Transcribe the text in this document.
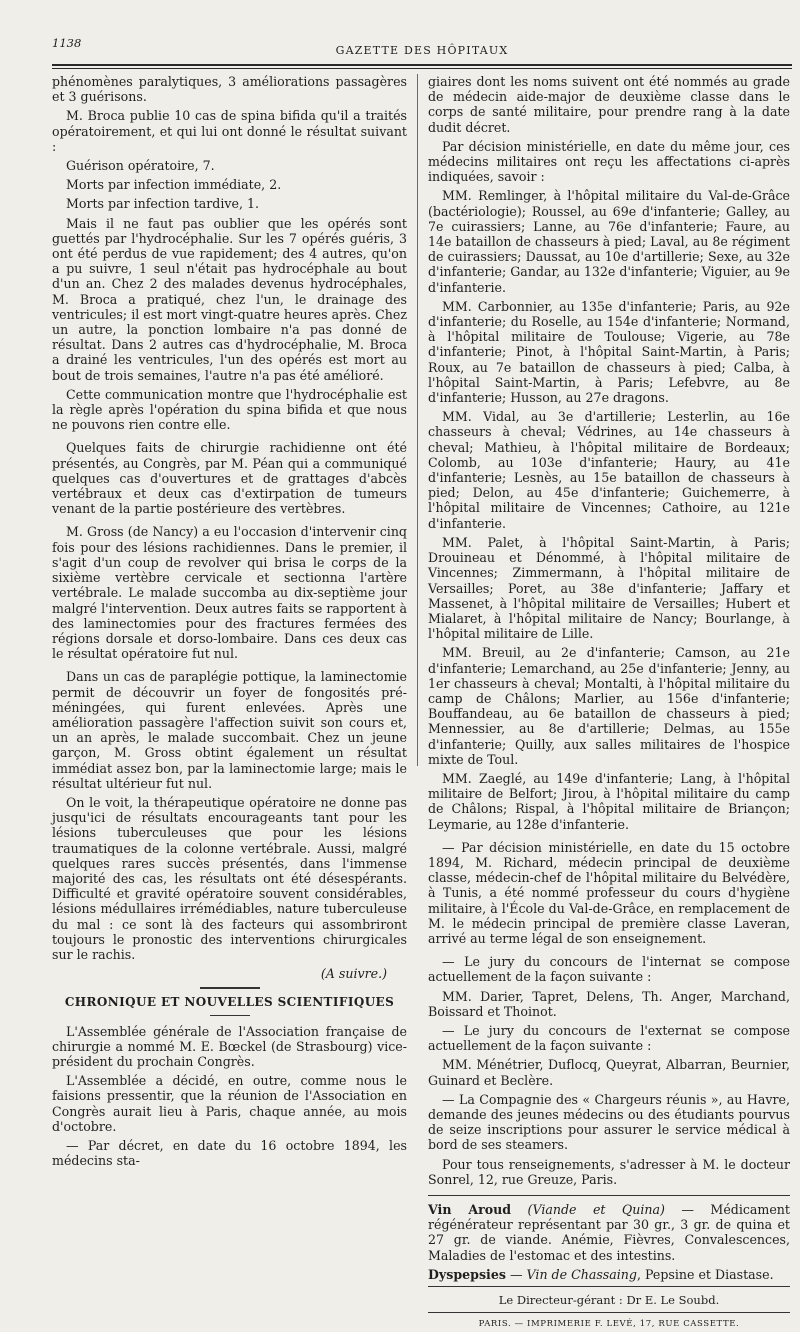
1138
GAZETTE DES HÔPITAUX

phénomènes paralytiques, 3 améliorations passagères et 3 guérisons.

M. Broca publie 10 cas de spina bifida qu'il a traités opératoirement, et qui lui ont donné le résultat suivant :

Guérison opératoire, 7.

Morts par infection immédiate, 2.

Morts par infection tardive, 1.

Mais il ne faut pas oublier que les opérés sont guettés par l'hydrocéphalie. Sur les 7 opérés guéris, 3 ont été perdus de vue rapidement; des 4 autres, qu'on a pu suivre, 1 seul n'était pas hydrocéphale au bout d'un an. Chez 2 des malades devenus hydrocéphales, M. Broca a pratiqué, chez l'un, le drainage des ventricules; il est mort vingt-quatre heures après. Chez un autre, la ponction lombaire n'a pas donné de résultat. Dans 2 autres cas d'hydrocéphalie, M. Broca a drainé les ventricules, l'un des opérés est mort au bout de trois semaines, l'autre n'a pas été amélioré.

Cette communication montre que l'hydrocéphalie est la règle après l'opération du spina bifida et que nous ne pouvons rien contre elle.

Quelques faits de chirurgie rachidienne ont été présentés, au Congrès, par M. Péan qui a communiqué quelques cas d'ouvertures et de grattages d'abcès vertébraux et deux cas d'extirpation de tumeurs venant de la partie postérieure des vertèbres.

M. Gross (de Nancy) a eu l'occasion d'intervenir cinq fois pour des lésions rachidiennes. Dans le premier, il s'agit d'un coup de revolver qui brisa le corps de la sixième vertèbre cervicale et sectionna l'artère vertébrale. Le malade succomba au dix-septième jour malgré l'intervention. Deux autres faits se rapportent à des laminectomies pour des fractures fermées des régions dorsale et dorso-lombaire. Dans ces deux cas le résultat opératoire fut nul.

Dans un cas de paraplégie pottique, la laminectomie permit de découvrir un foyer de fongosités pré-méningées, qui furent enlevées. Après une amélioration passagère l'affection suivit son cours et, un an après, le malade succombait. Chez un jeune garçon, M. Gross obtint également un résultat immédiat assez bon, par la laminectomie large; mais le résultat ultérieur fut nul.

On le voit, la thérapeutique opératoire ne donne pas jusqu'ici de résultats encourageants tant pour les lésions tuberculeuses que pour les lésions traumatiques de la colonne vertébrale. Aussi, malgré quelques rares succès présentés, dans l'immense majorité des cas, les résultats ont été désespérants. Difficulté et gravité opératoire souvent considérables, lésions médullaires irrémédiables, nature tuberculeuse du mal : ce sont là des facteurs qui assombriront toujours le pronostic des interventions chirurgicales sur le rachis.

(A suivre.)

CHRONIQUE ET NOUVELLES SCIENTIFIQUES

L'Assemblée générale de l'Association française de chirurgie a nommé M. E. Bœckel (de Strasbourg) vice-président du prochain Congrès.

L'Assemblée a décidé, en outre, comme nous le faisions pressentir, que la réunion de l'Association en Congrès aurait lieu à Paris, chaque année, au mois d'octobre.

— Par décret, en date du 16 octobre 1894, les médecins sta-

giaires dont les noms suivent ont été nommés au grade de médecin aide-major de deuxième classe dans le corps de santé militaire, pour prendre rang à la date dudit décret.

Par décision ministérielle, en date du même jour, ces médecins militaires ont reçu les affectations ci-après indiquées, savoir :

MM. Remlinger, à l'hôpital militaire du Val-de-Grâce (bactériologie); Roussel, au 69e d'infanterie; Galley, au 7e cuirassiers; Lanne, au 76e d'infanterie; Faure, au 14e bataillon de chasseurs à pied; Laval, au 8e régiment de cuirassiers; Daussat, au 10e d'artillerie; Sexe, au 32e d'infanterie; Gandar, au 132e d'infanterie; Viguier, au 9e d'infanterie.

MM. Carbonnier, au 135e d'infanterie; Paris, au 92e d'infanterie; du Roselle, au 154e d'infanterie; Normand, à l'hôpital militaire de Toulouse; Vigerie, au 78e d'infanterie; Pinot, à l'hôpital Saint-Martin, à Paris; Roux, au 7e bataillon de chasseurs à pied; Calba, à l'hôpital Saint-Martin, à Paris; Lefebvre, au 8e d'infanterie; Husson, au 27e dragons.

MM. Vidal, au 3e d'artillerie; Lesterlin, au 16e chasseurs à cheval; Védrines, au 14e chasseurs à cheval; Mathieu, à l'hôpital militaire de Bordeaux; Colomb, au 103e d'infanterie; Haury, au 41e d'infanterie; Lesnès, au 15e bataillon de chasseurs à pied; Delon, au 45e d'infanterie; Guichemerre, à l'hôpital militaire de Vincennes; Cathoire, au 121e d'infanterie.

MM. Palet, à l'hôpital Saint-Martin, à Paris; Drouineau et Dénommé, à l'hôpital militaire de Vincennes; Zimmermann, à l'hôpital militaire de Versailles; Poret, au 38e d'infanterie; Jaffary et Massenet, à l'hôpital militaire de Versailles; Hubert et Mialaret, à l'hôpital militaire de Nancy; Bourlange, à l'hôpital militaire de Lille.

MM. Breuil, au 2e d'infanterie; Camson, au 21e d'infanterie; Lemarchand, au 25e d'infanterie; Jenny, au 1er chasseurs à cheval; Montalti, à l'hôpital militaire du camp de Châlons; Marlier, au 156e d'infanterie; Bouffandeau, au 6e bataillon de chasseurs à pied; Mennessier, au 8e d'artillerie; Delmas, au 155e d'infanterie; Quilly, aux salles militaires de l'hospice mixte de Toul.

MM. Zaeglé, au 149e d'infanterie; Lang, à l'hôpital militaire de Belfort; Jirou, à l'hôpital militaire du camp de Châlons; Rispal, à l'hôpital militaire de Briançon; Leymarie, au 128e d'infanterie.

— Par décision ministérielle, en date du 15 octobre 1894, M. Richard, médecin principal de deuxième classe, médecin-chef de l'hôpital militaire du Belvédère, à Tunis, a été nommé professeur du cours d'hygiène militaire, à l'École du Val-de-Grâce, en remplacement de M. le médecin principal de première classe Laveran, arrivé au terme légal de son enseignement.

— Le jury du concours de l'internat se compose actuellement de la façon suivante :

MM. Darier, Tapret, Delens, Th. Anger, Marchand, Boissard et Thoinot.

— Le jury du concours de l'externat se compose actuellement de la façon suivante :

MM. Ménétrier, Duflocq, Queyrat, Albarran, Beurnier, Guinard et Beclère.

— La Compagnie des « Chargeurs réunis », au Havre, demande des jeunes médecins ou des étudiants pourvus de seize inscriptions pour assurer le service médical à bord de ses steamers.

Pour tous renseignements, s'adresser à M. le docteur Sonrel, 12, rue Greuze, Paris.

Vin Aroud (Viande et Quina) — Médicament régénérateur représentant par 30 gr., 3 gr. de quina et 27 gr. de viande. Anémie, Fièvres, Convalescences, Maladies de l'estomac et des intestins.

Dyspepsies — Vin de Chassaing, Pepsine et Diastase.

Le Directeur-gérant : Dr E. Le Soubd.
PARIS. — IMPRIMERIE F. LEVÉ, 17, RUE CASSETTE.
